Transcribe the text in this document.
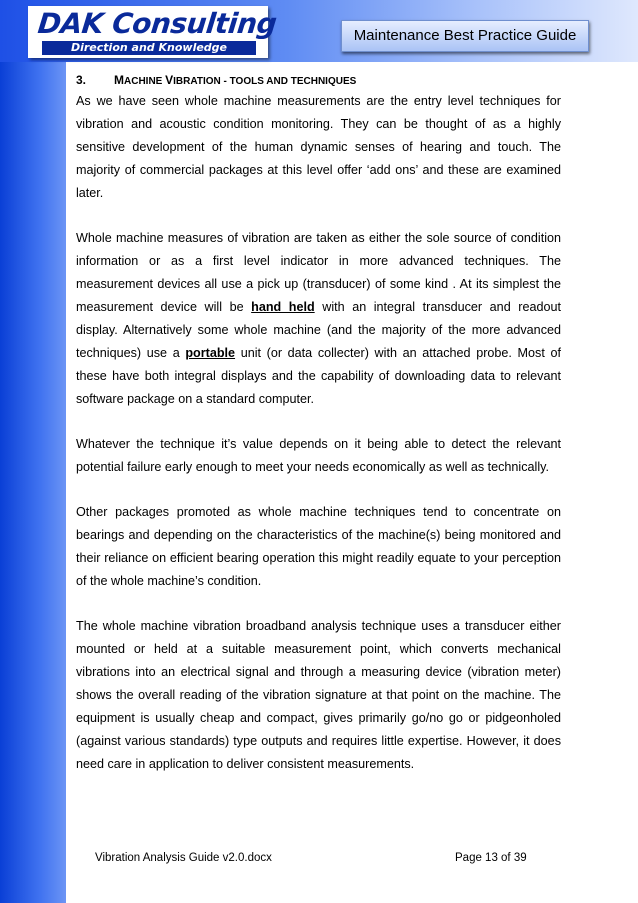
DAK Consulting
Direction and Knowledge
Maintenance Best Practice Guide

3. MACHINE VIBRATION - TOOLS AND TECHNIQUES

As we have seen whole machine measurements are the entry level techniques for vibration and acoustic condition monitoring. They can be thought of as a highly sensitive development of the human dynamic senses of hearing and touch. The majority of commercial packages at this level offer ‘add ons’ and these are examined later.

Whole machine measures of vibration are taken as either the sole source of condition information or as a first level indicator in more advanced techniques. The measurement devices all use a pick up (transducer) of some kind . At its simplest the measurement device will be hand held with an integral transducer and readout display. Alternatively some whole machine (and the majority of the more advanced techniques) use a portable unit (or data collecter) with an attached probe. Most of these have both integral displays and the capability of downloading data to relevant software package on a standard computer.

Whatever the technique it’s value depends on it being able to detect the relevant potential failure early enough to meet your needs economically as well as technically.

Other packages promoted as whole machine techniques tend to concentrate on bearings and depending on the characteristics of the machine(s) being monitored and their reliance on efficient bearing operation this might readily equate to your perception of the whole machine’s condition.

The whole machine vibration broadband analysis technique uses a transducer either mounted or held at a suitable measurement point, which converts mechanical vibrations into an electrical signal and through a measuring device (vibration meter) shows the overall reading of the vibration signature at that point on the machine. The equipment is usually cheap and compact, gives primarily go/no go or pidgeonholed (against various standards) type outputs and requires little expertise. However, it does need care in application to deliver consistent measurements.

Vibration Analysis Guide v2.0.docx	Page 13 of 39
